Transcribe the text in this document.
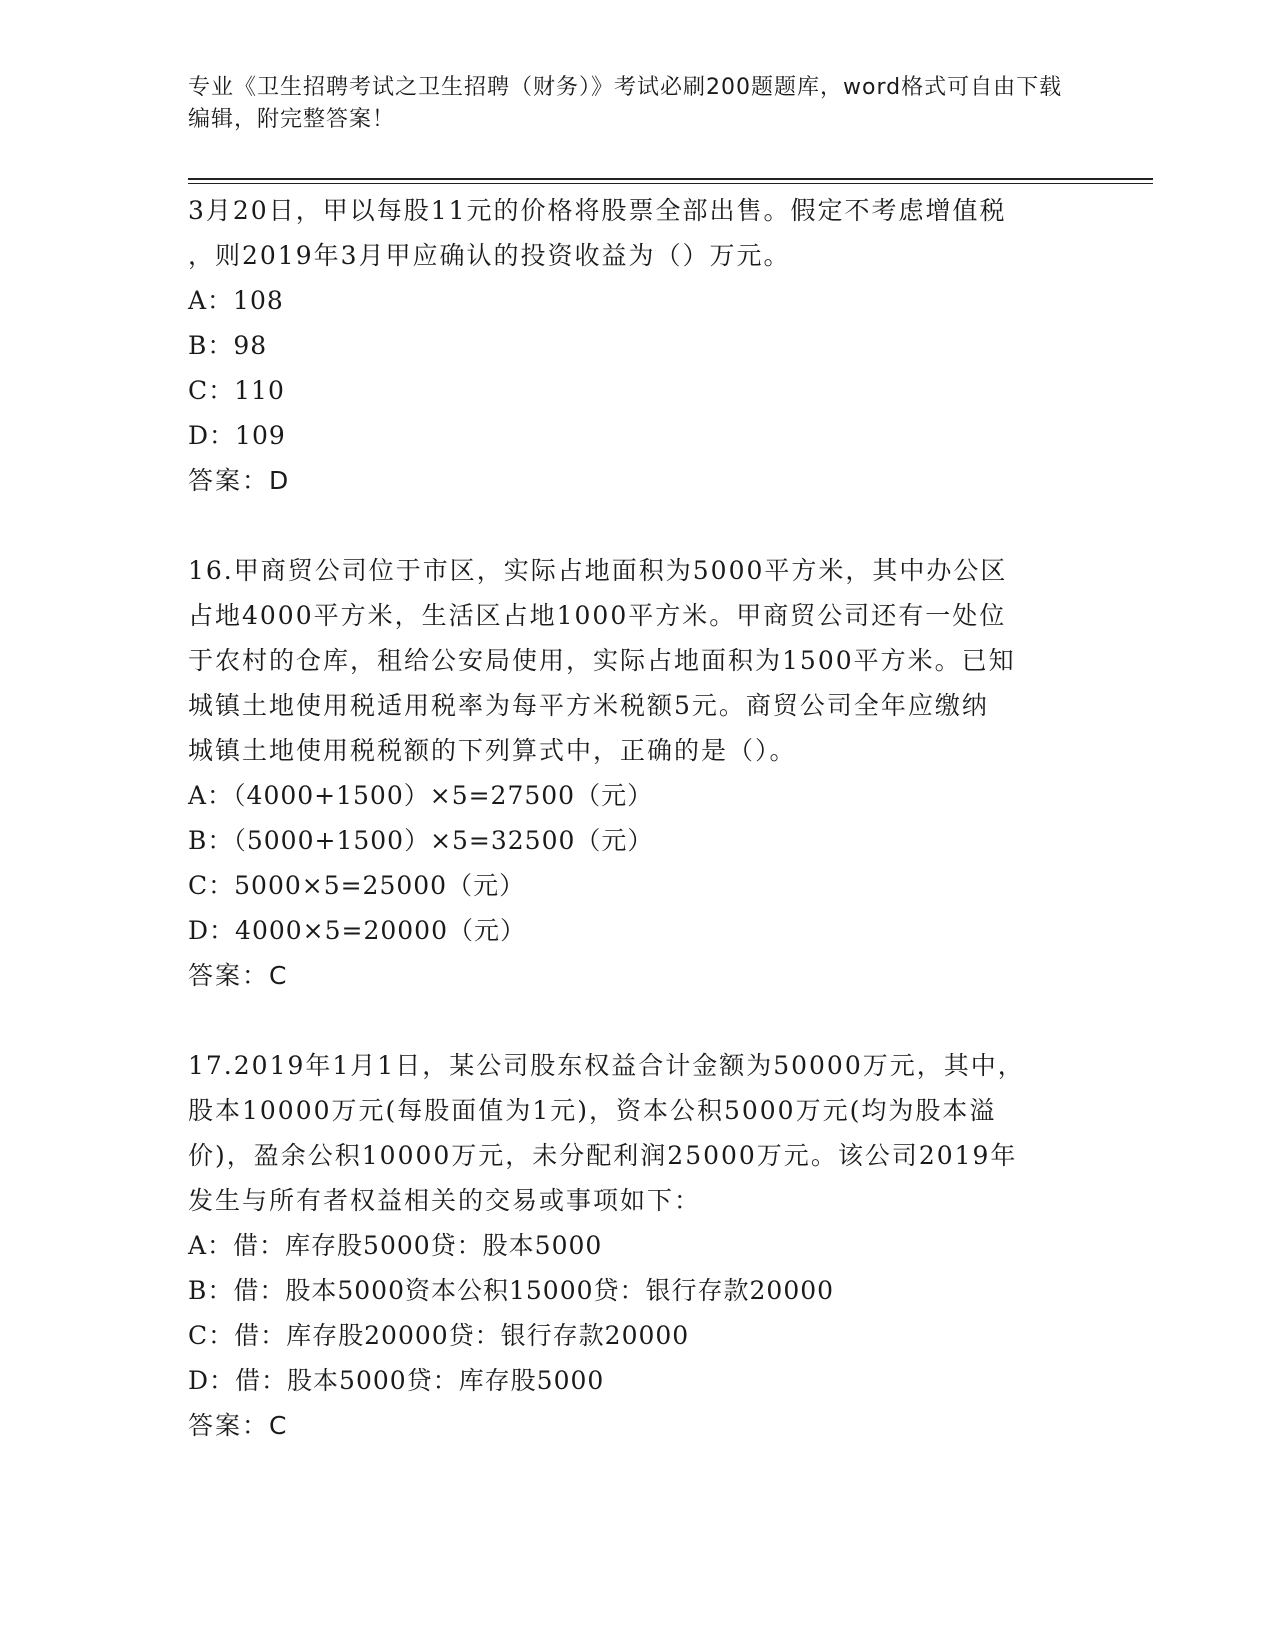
专业《卫生招聘考试之卫生招聘（财务）》考试必刷200题题库，word格式可自由下载编辑，附完整答案！

3月20日，甲以每股11元的价格将股票全部出售。假定不考虑增值税

，则2019年3月甲应确认的投资收益为（）万元。

A：108

B：98

C：110

D：109

答案：D

16.甲商贸公司位于市区，实际占地面积为5000平方米，其中办公区

占地4000平方米，生活区占地1000平方米。甲商贸公司还有一处位

于农村的仓库，租给公安局使用，实际占地面积为1500平方米。已知

城镇土地使用税适用税率为每平方米税额5元。商贸公司全年应缴纳

城镇土地使用税税额的下列算式中，正确的是（）。

A：（4000+1500）×5=27500（元）

B：（5000+1500）×5=32500（元）

C：5000×5=25000（元）

D：4000×5=20000（元）

答案：C

17.2019年1月1日，某公司股东权益合计金额为50000万元，其中，

股本10000万元(每股面值为1元)，资本公积5000万元(均为股本溢

价)，盈余公积10000万元，未分配利润25000万元。该公司2019年

发生与所有者权益相关的交易或事项如下：

A：借：库存股5000贷：股本5000

B：借：股本5000资本公积15000贷：银行存款20000

C：借：库存股20000贷：银行存款20000

D：借：股本5000贷：库存股5000

答案：C
